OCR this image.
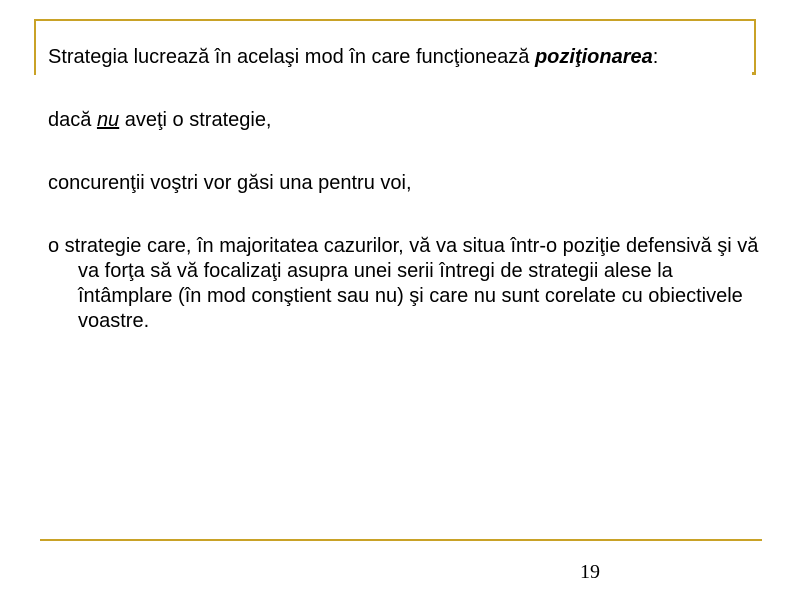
Strategia lucrează în acelaşi mod în care funcţionează poziţionarea:

dacă nu aveţi o strategie,

concurenţii voştri vor găsi una pentru voi,

o strategie care, în majoritatea cazurilor, vă va situa într-o poziţie defensivă şi vă va forţa să vă focalizaţi asupra unei serii întregi de strategii alese la întâmplare (în mod conştient sau nu) şi care nu sunt corelate cu obiectivele voastre.

19
